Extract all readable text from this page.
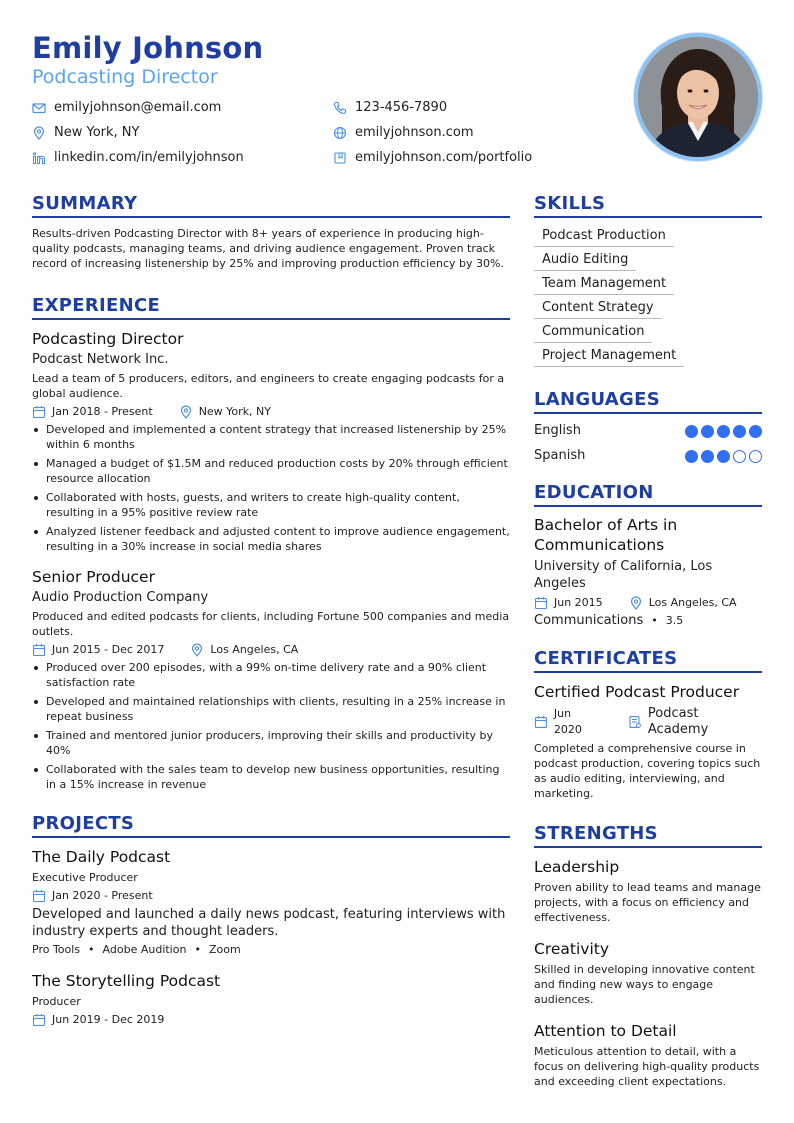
Emily Johnson
Podcasting Director
emilyjohnson@email.com	123-456-7890
New York, NY	emilyjohnson.com
linkedin.com/in/emilyjohnson	emilyjohnson.com/portfolio
SUMMARY
Results-driven Podcasting Director with 8+ years of experience in producing high-quality podcasts, managing teams, and driving audience engagement. Proven track record of increasing listenership by 25% and improving production efficiency by 30%.
EXPERIENCE
Podcasting Director
Podcast Network Inc.
Lead a team of 5 producers, editors, and engineers to create engaging podcasts for a global audience.
Jan 2018 - Present	New York, NY
Developed and implemented a content strategy that increased listenership by 25% within 6 months
Managed a budget of $1.5M and reduced production costs by 20% through efficient resource allocation
Collaborated with hosts, guests, and writers to create high-quality content, resulting in a 95% positive review rate
Analyzed listener feedback and adjusted content to improve audience engagement, resulting in a 30% increase in social media shares
Senior Producer
Audio Production Company
Produced and edited podcasts for clients, including Fortune 500 companies and media outlets.
Jun 2015 - Dec 2017	Los Angeles, CA
Produced over 200 episodes, with a 99% on-time delivery rate and a 90% client satisfaction rate
Developed and maintained relationships with clients, resulting in a 25% increase in repeat business
Trained and mentored junior producers, improving their skills and productivity by 40%
Collaborated with the sales team to develop new business opportunities, resulting in a 15% increase in revenue
PROJECTS
The Daily Podcast
Executive Producer
Jan 2020 - Present
Developed and launched a daily news podcast, featuring interviews with industry experts and thought leaders.
Pro Tools • Adobe Audition • Zoom
The Storytelling Podcast
Producer
Jun 2019 - Dec 2019
SKILLS
Podcast Production
Audio Editing
Team Management
Content Strategy
Communication
Project Management
LANGUAGES
English
Spanish
EDUCATION
Bachelor of Arts in Communications
University of California, Los Angeles
Jun 2015	Los Angeles, CA
Communications • 3.5
CERTIFICATES
Certified Podcast Producer
Jun 2020
Podcast Academy
Completed a comprehensive course in podcast production, covering topics such as audio editing, interviewing, and marketing.
STRENGTHS
Leadership
Proven ability to lead teams and manage projects, with a focus on efficiency and effectiveness.
Creativity
Skilled in developing innovative content and finding new ways to engage audiences.
Attention to Detail
Meticulous attention to detail, with a focus on delivering high-quality products and exceeding client expectations.
